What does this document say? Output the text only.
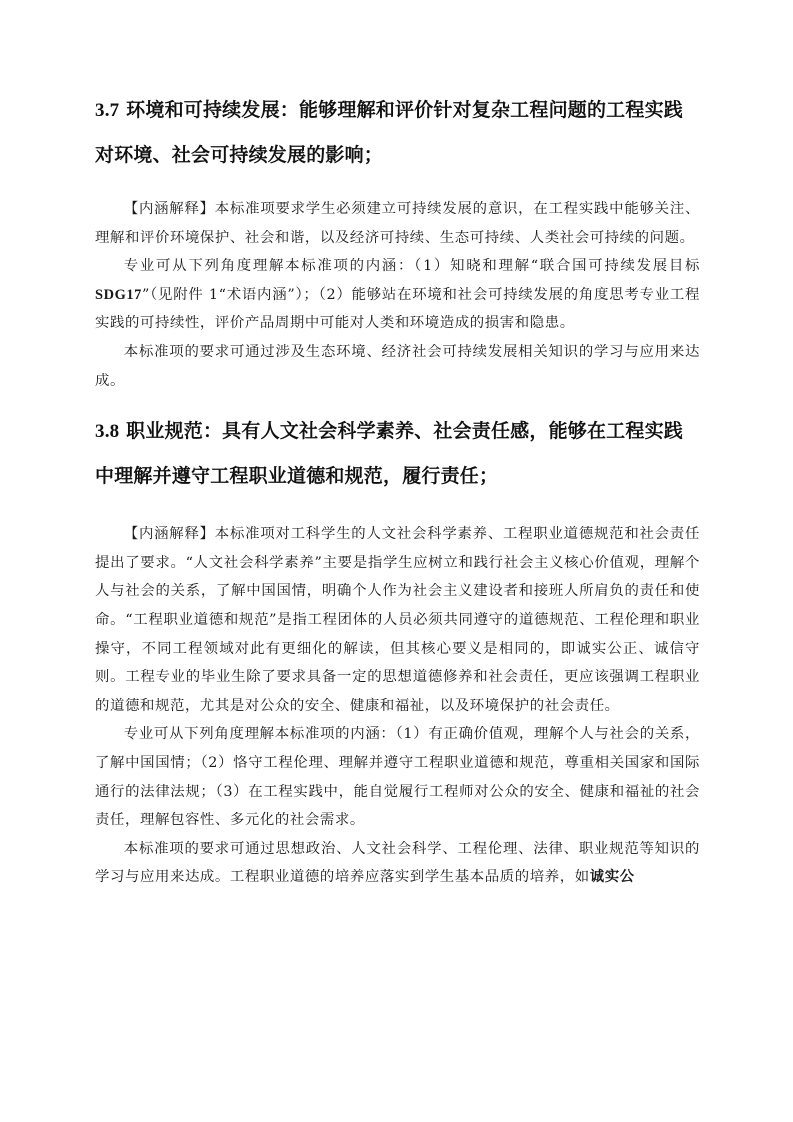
3.7 环境和可持续发展：能够理解和评价针对复杂工程问题的工程实践对环境、社会可持续发展的影响；

【内涵解释】本标准项要求学生必须建立可持续发展的意识，在工程实践中能够关注、理解和评价环境保护、社会和谐，以及经济可持续、生态可持续、人类社会可持续的问题。

专业可从下列角度理解本标准项的内涵：（1）知晓和理解“联合国可持续发展目标SDG17”（见附件 1“术语内涵”）；（2）能够站在环境和社会可持续发展的角度思考专业工程实践的可持续性，评价产品周期中可能对人类和环境造成的损害和隐患。

本标准项的要求可通过涉及生态环境、经济社会可持续发展相关知识的学习与应用来达成。

3.8 职业规范：具有人文社会科学素养、社会责任感，能够在工程实践中理解并遵守工程职业道德和规范，履行责任；

【内涵解释】本标准项对工科学生的人文社会科学素养、工程职业道德规范和社会责任提出了要求。“人文社会科学素养”主要是指学生应树立和践行社会主义核心价值观，理解个人与社会的关系，了解中国国情，明确个人作为社会主义建设者和接班人所肩负的责任和使命。“工程职业道德和规范”是指工程团体的人员必须共同遵守的道德规范、工程伦理和职业操守，不同工程领域对此有更细化的解读，但其核心要义是相同的，即诚实公正、诚信守则。工程专业的毕业生除了要求具备一定的思想道德修养和社会责任，更应该强调工程职业的道德和规范，尤其是对公众的安全、健康和福祉，以及环境保护的社会责任。

专业可从下列角度理解本标准项的内涵：（1）有正确价值观，理解个人与社会的关系，了解中国国情；（2）恪守工程伦理、理解并遵守工程职业道德和规范，尊重相关国家和国际通行的法律法规；（3）在工程实践中，能自觉履行工程师对公众的安全、健康和福祉的社会责任，理解包容性、多元化的社会需求。

本标准项的要求可通过思想政治、人文社会科学、工程伦理、法律、职业规范等知识的学习与应用来达成。工程职业道德的培养应落实到学生基本品质的培养，如诚实公
